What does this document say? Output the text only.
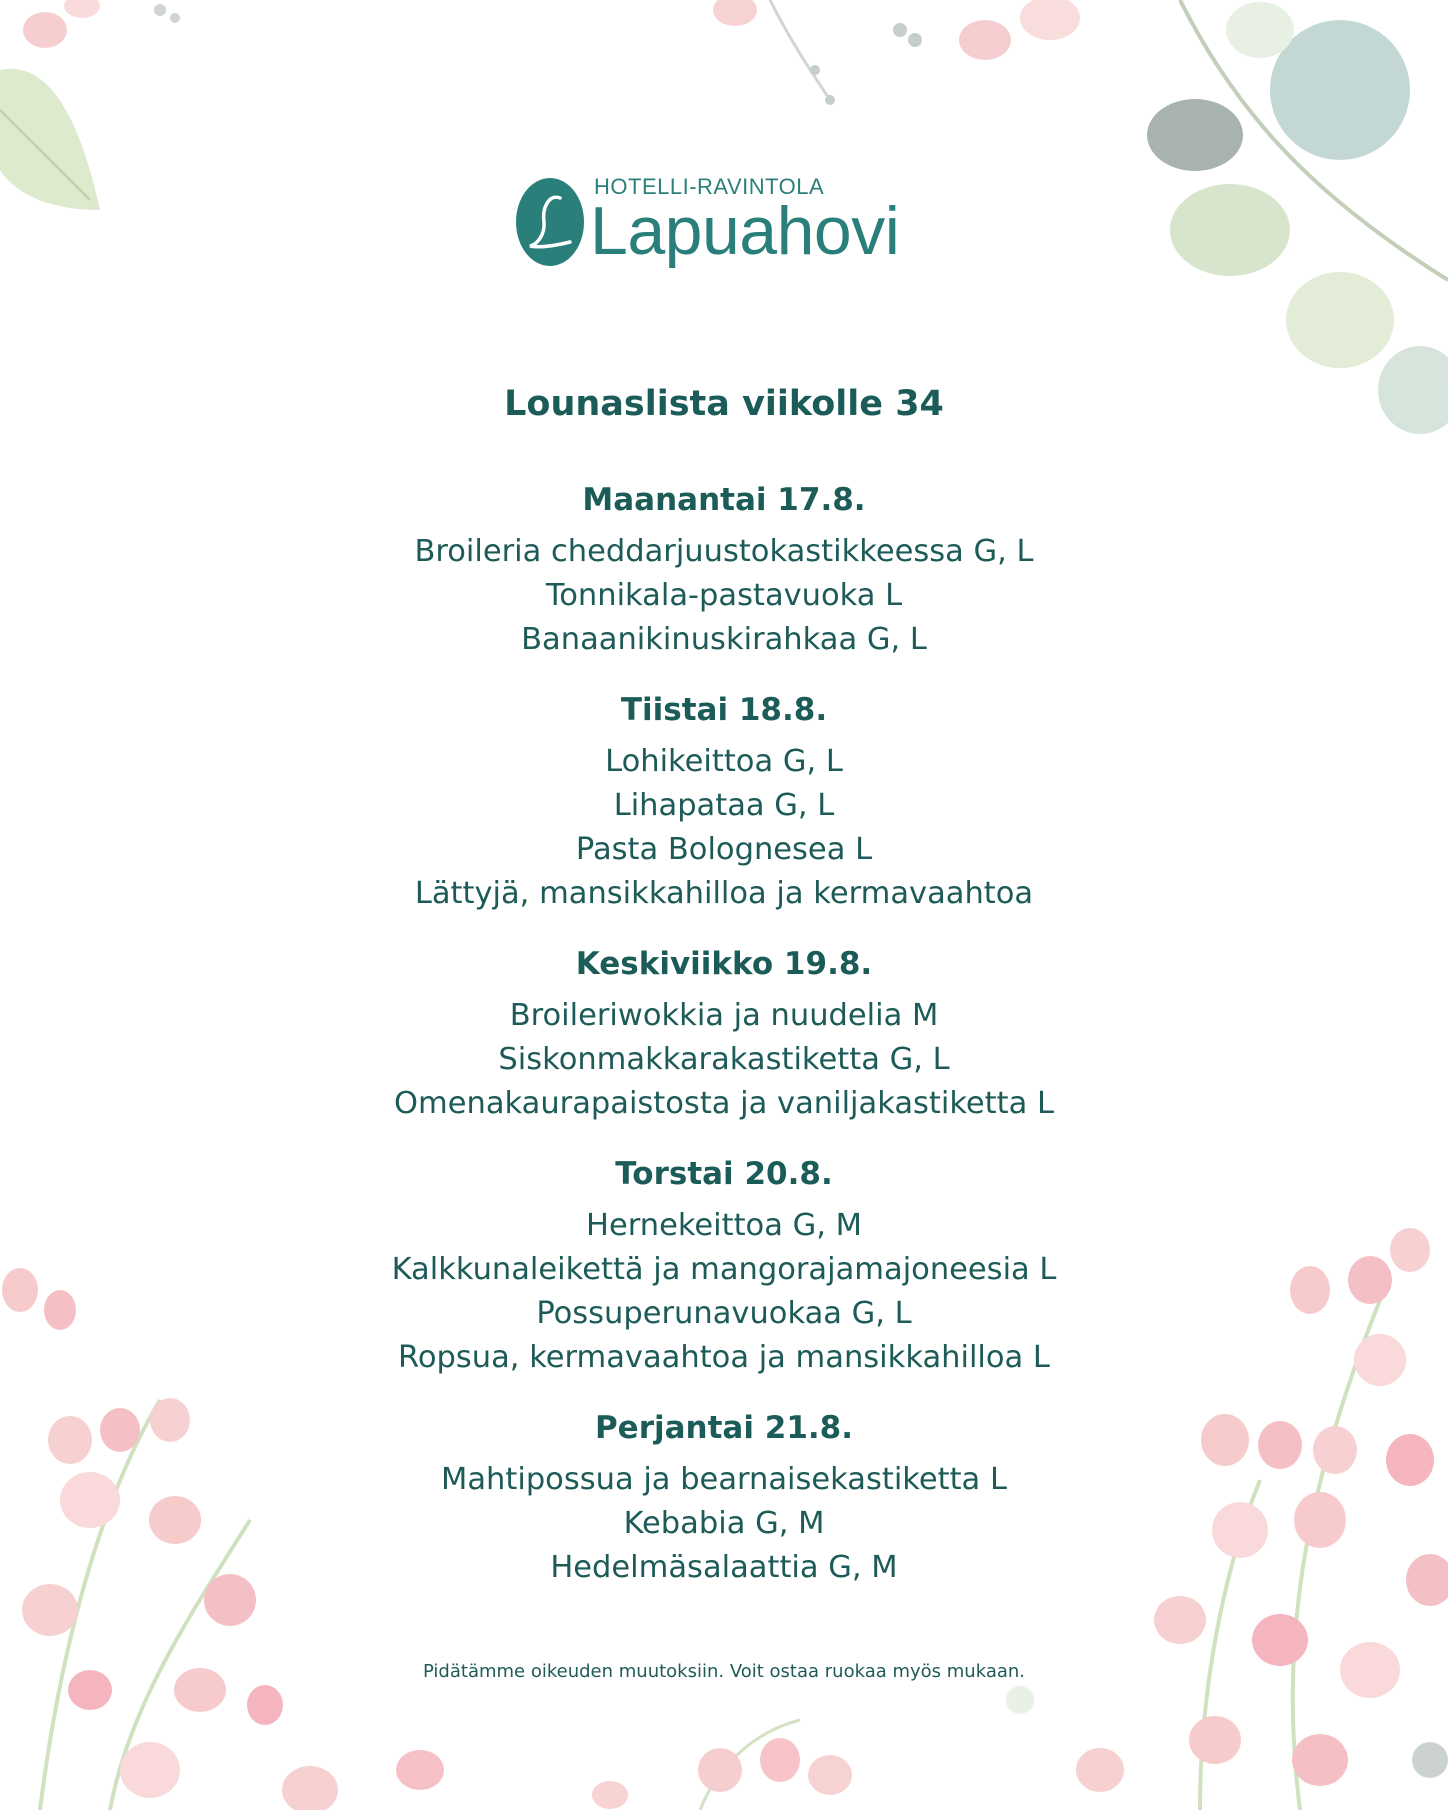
HOTELLI-RAVINTOLA
Lapuahovi
Lounaslista viikolle 34
Maanantai 17.8.
Broileria cheddarjuustokastikkeessa G, L
Tonnikala-pastavuoka L
Banaanikinuskirahkaa G, L
Tiistai 18.8.
Lohikeittoa G, L
Lihapataa G, L
Pasta Bolognesea L
Lättyjä, mansikkahilloa ja kermavaahtoa
Keskiviikko 19.8.
Broileriwokkia ja nuudelia M
Siskonmakkarakastiketta G, L
Omenakaurapaistosta ja vaniljakastiketta L
Torstai 20.8.
Hernekeittoa G, M
Kalkkunaleikettä ja mangorajamajoneesia L
Possuperunavuokaa G, L
Ropsua, kermavaahtoa ja mansikkahilloa L
Perjantai 21.8.
Mahtipossua ja bearnaisekastiketta L
Kebabia G, M
Hedelmäsalaattia G, M
Pidätämme oikeuden muutoksiin. Voit ostaa ruokaa myös mukaan.
